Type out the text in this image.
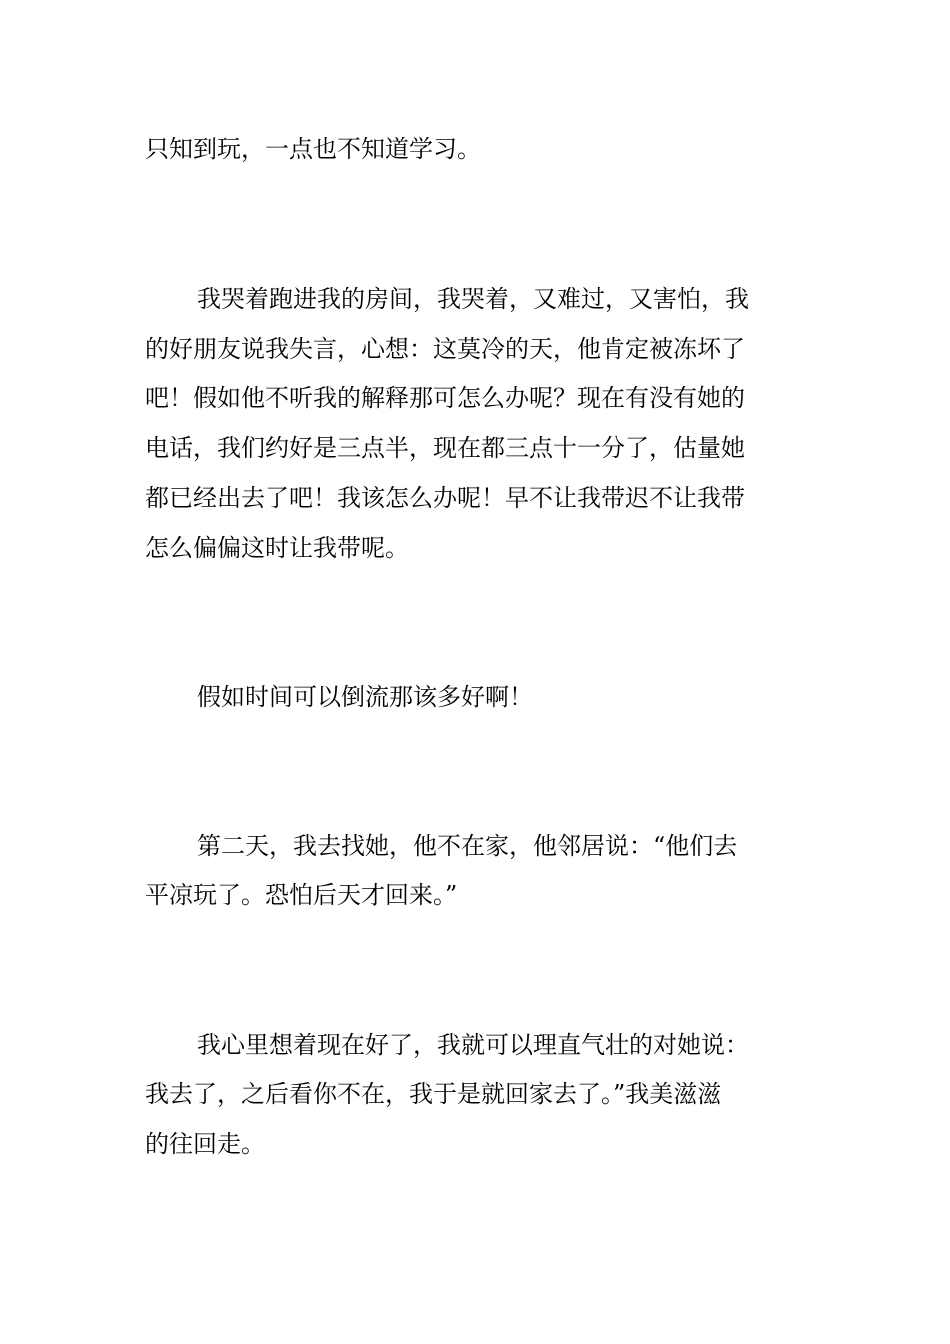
只知到玩，一点也不知道学习。

我哭着跑进我的房间，我哭着，又难过，又害怕，我

的好朋友说我失言，心想：这莫冷的天，他肯定被冻坏了

吧！假如他不听我的解释那可怎么办呢？现在有没有她的

电话，我们约好是三点半，现在都三点十一分了，估量她

都已经出去了吧！我该怎么办呢！早不让我带迟不让我带

怎么偏偏这时让我带呢。

假如时间可以倒流那该多好啊！

第二天，我去找她，他不在家，他邻居说：“他们去

平凉玩了。恐怕后天才回来。”

我心里想着现在好了，我就可以理直气壮的对她说：

我去了，之后看你不在，我于是就回家去了。”我美滋滋

的往回走。
